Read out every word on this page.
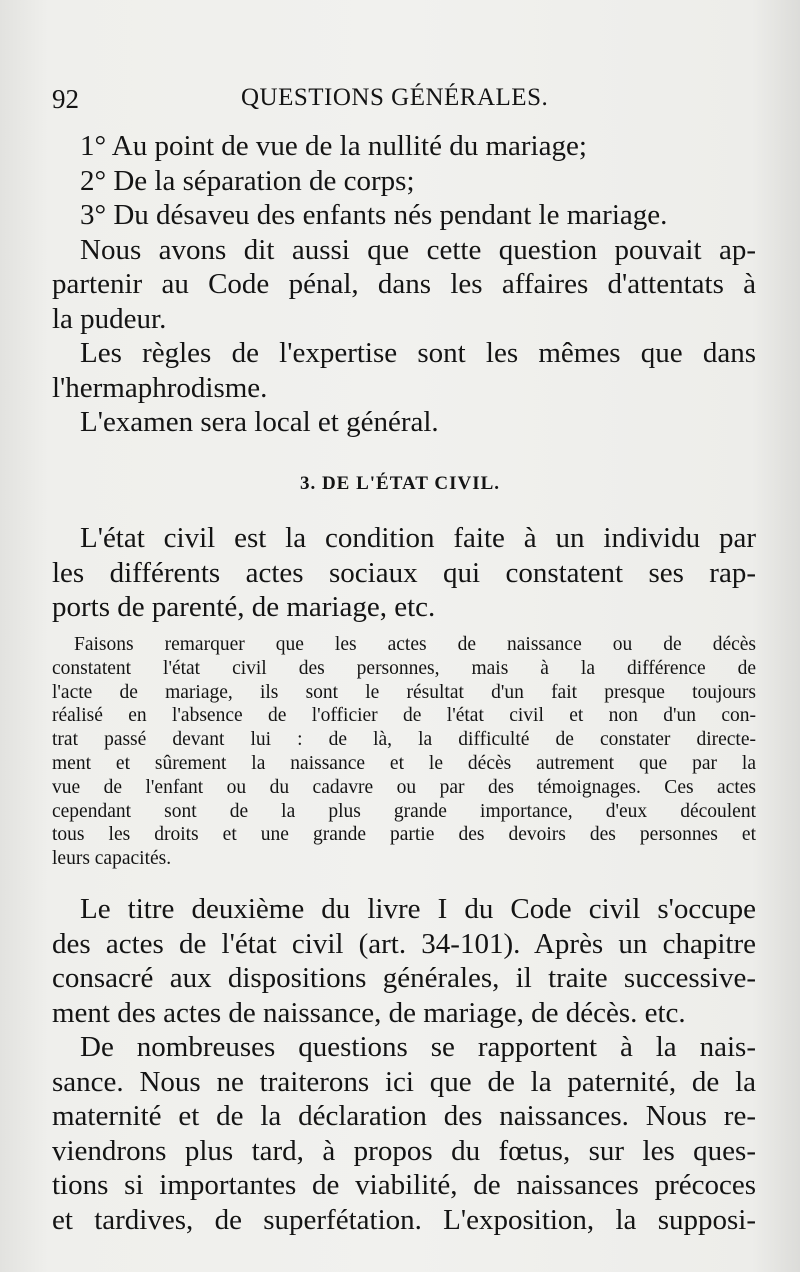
92	QUESTIONS GÉNÉRALES.
1° Au point de vue de la nullité du mariage;
2° De la séparation de corps;
3° Du désaveu des enfants nés pendant le mariage.
Nous avons dit aussi que cette question pouvait ap-
partenir au Code pénal, dans les affaires d'attentats à
la pudeur.
Les règles de l'expertise sont les mêmes que dans
l'hermaphrodisme.
L'examen sera local et général.
3. DE L'ÉTAT CIVIL.
L'état civil est la condition faite à un individu par
les différents actes sociaux qui constatent ses rap-
ports de parenté, de mariage, etc.
Faisons remarquer que les actes de naissance ou de décès
constatent l'état civil des personnes, mais à la différence de
l'acte de mariage, ils sont le résultat d'un fait presque toujours
réalisé en l'absence de l'officier de l'état civil et non d'un con-
trat passé devant lui : de là, la difficulté de constater directe-
ment et sûrement la naissance et le décès autrement que par la
vue de l'enfant ou du cadavre ou par des témoignages. Ces actes
cependant sont de la plus grande importance, d'eux découlent
tous les droits et une grande partie des devoirs des personnes et
leurs capacités.
Le titre deuxième du livre I du Code civil s'occupe
des actes de l'état civil (art. 34-101). Après un chapitre
consacré aux dispositions générales, il traite successive-
ment des actes de naissance, de mariage, de décès. etc.
De nombreuses questions se rapportent à la nais-
sance. Nous ne traiterons ici que de la paternité, de la
maternité et de la déclaration des naissances. Nous re-
viendrons plus tard, à propos du fœtus, sur les ques-
tions si importantes de viabilité, de naissances précoces
et tardives, de superfétation. L'exposition, la supposi-
